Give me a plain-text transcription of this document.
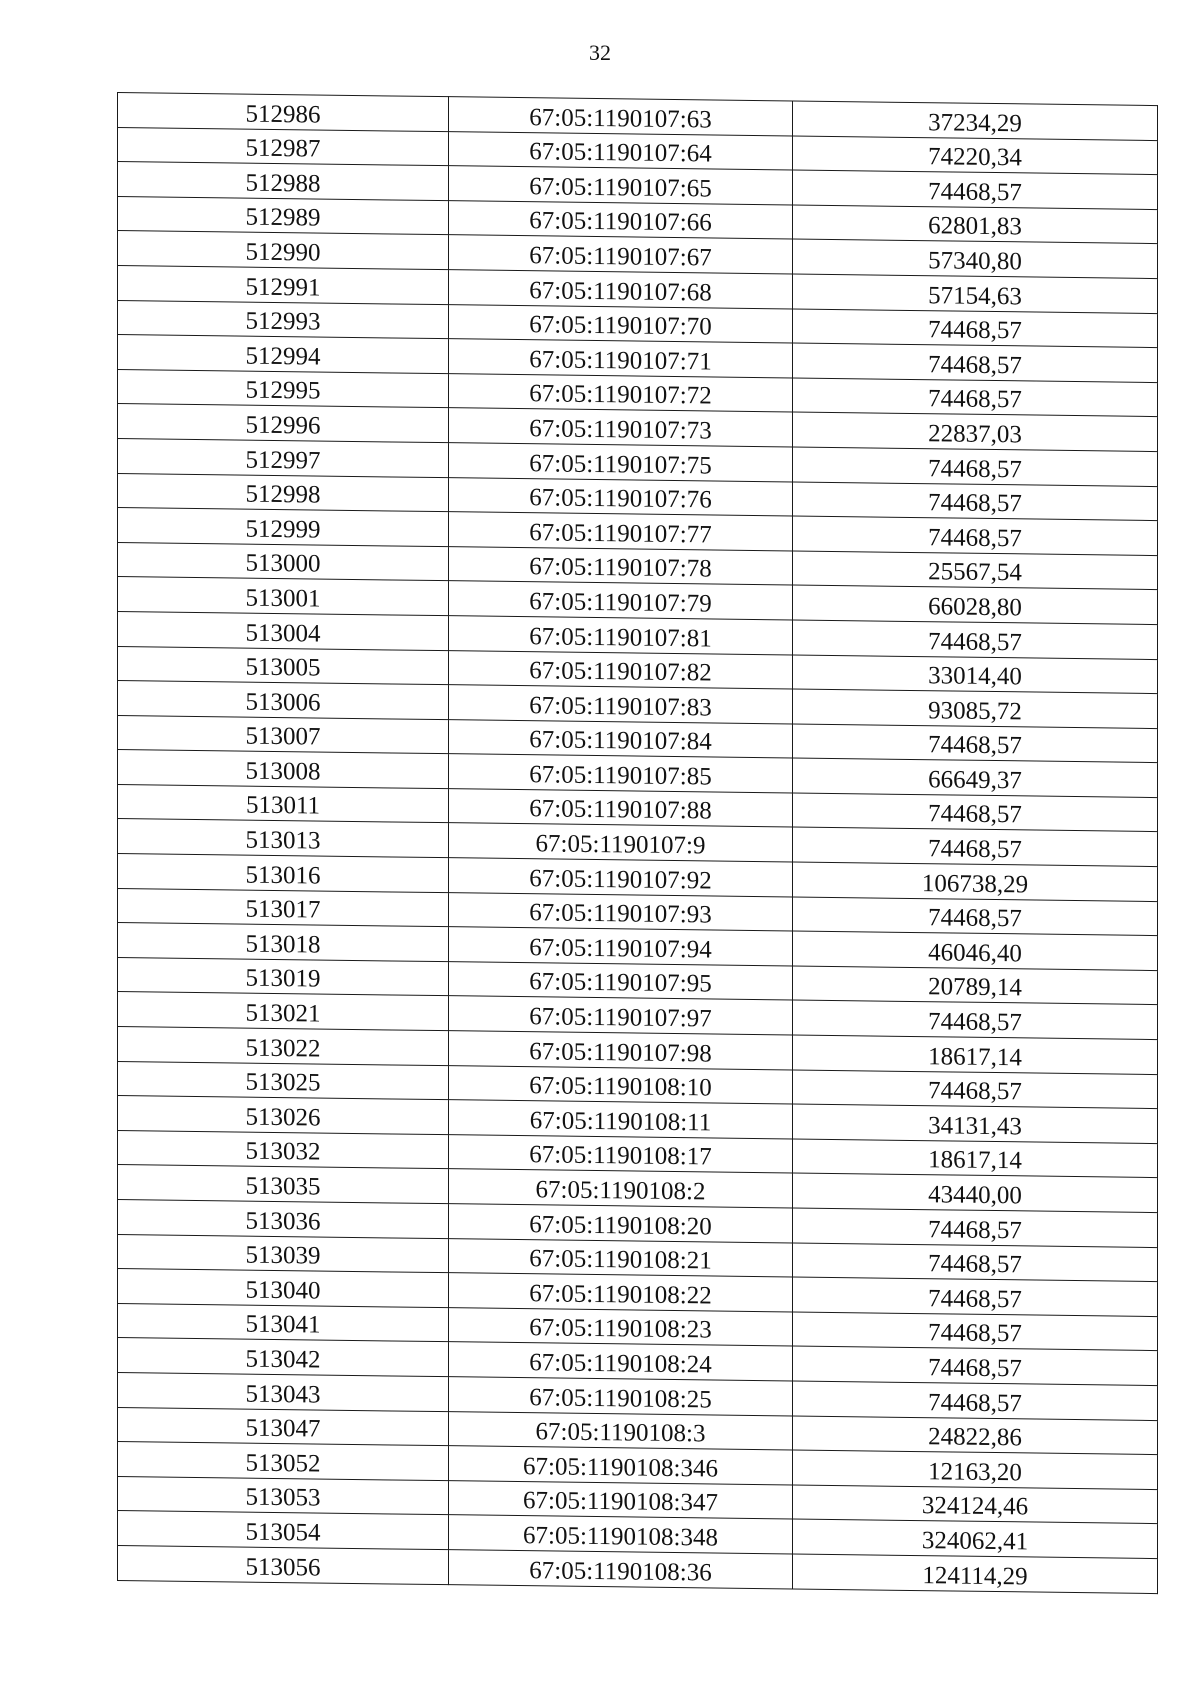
32
512986	67:05:1190107:63	37234,29
512987	67:05:1190107:64	74220,34
512988	67:05:1190107:65	74468,57
512989	67:05:1190107:66	62801,83
512990	67:05:1190107:67	57340,80
512991	67:05:1190107:68	57154,63
512993	67:05:1190107:70	74468,57
512994	67:05:1190107:71	74468,57
512995	67:05:1190107:72	74468,57
512996	67:05:1190107:73	22837,03
512997	67:05:1190107:75	74468,57
512998	67:05:1190107:76	74468,57
512999	67:05:1190107:77	74468,57
513000	67:05:1190107:78	25567,54
513001	67:05:1190107:79	66028,80
513004	67:05:1190107:81	74468,57
513005	67:05:1190107:82	33014,40
513006	67:05:1190107:83	93085,72
513007	67:05:1190107:84	74468,57
513008	67:05:1190107:85	66649,37
513011	67:05:1190107:88	74468,57
513013	67:05:1190107:9	74468,57
513016	67:05:1190107:92	106738,29
513017	67:05:1190107:93	74468,57
513018	67:05:1190107:94	46046,40
513019	67:05:1190107:95	20789,14
513021	67:05:1190107:97	74468,57
513022	67:05:1190107:98	18617,14
513025	67:05:1190108:10	74468,57
513026	67:05:1190108:11	34131,43
513032	67:05:1190108:17	18617,14
513035	67:05:1190108:2	43440,00
513036	67:05:1190108:20	74468,57
513039	67:05:1190108:21	74468,57
513040	67:05:1190108:22	74468,57
513041	67:05:1190108:23	74468,57
513042	67:05:1190108:24	74468,57
513043	67:05:1190108:25	74468,57
513047	67:05:1190108:3	24822,86
513052	67:05:1190108:346	12163,20
513053	67:05:1190108:347	324124,46
513054	67:05:1190108:348	324062,41
513056	67:05:1190108:36	124114,29
